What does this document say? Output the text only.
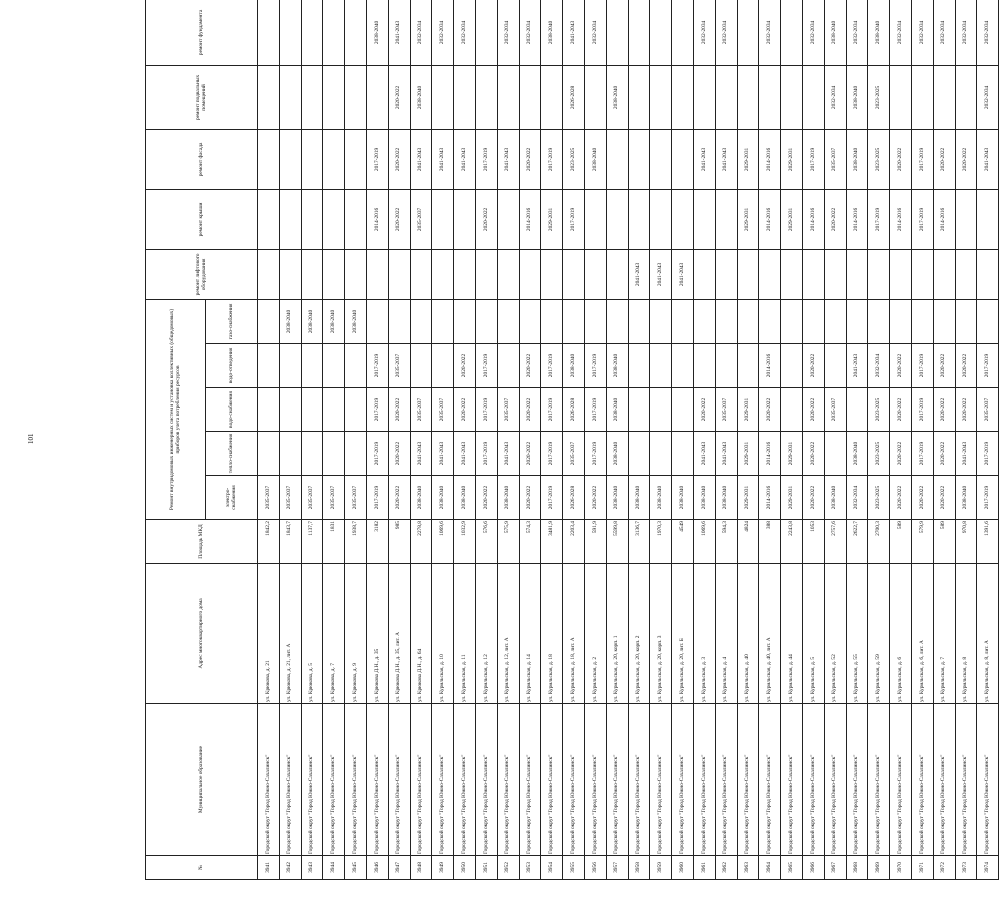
101
№	Муниципальное образование	Адрес многоквартирного дома	Площадь МКД	Ремонт внутридомовых инженерных систем и установка коллективных (общедомовых) приборов учета потребления ресурсов					ремонт лифтового оборудования	ремонт крыши	ремонт фасада	ремонт подвальных помещений	ремонт фундамента
				электро-снабжения	тепло-снабжения	водо-снабжения	водо-отведения	газо-снабжения					
3941	Городской округ "Город Южно-Сахалинск"	ул. Крюкова, д. 21	1842,2	2035-2037									
3942	Городской округ "Город Южно-Сахалинск"	ул. Крюкова, д. 21, лит. А	1843,7	2035-2037				2038-2040					
3943	Городской округ "Город Южно-Сахалинск"	ул. Крюкова, д. 5	1137,7	2035-2037				2038-2040					
3944	Городской округ "Город Южно-Сахалинск"	ул. Крюкова, д. 7	1831	2035-2037				2038-2040					
3945	Городской округ "Город Южно-Сахалинск"	ул. Крюкова, д. 9	1938,7	2035-2037				2038-2040					
3946	Городской округ "Город Южно-Сахалинск"	ул. Крюкова Д.Н., д. 35	3182	2017-2019	2017-2019	2017-2019	2017-2019			2014-2016	2017-2019		2038-2040
3947	Городской округ "Город Южно-Сахалинск"	ул. Крюкова Д.Н., д. 35, лит. А	985	2020-2022	2020-2022	2020-2022	2035-2037			2020-2022	2020-2022	2020-2022	2041-2043
3948	Городской округ "Город Южно-Сахалинск"	ул. Крюкова Д.Н., д. 64	2278,8	2038-2040	2041-2043	2035-2037				2035-2037	2041-2043	2038-2040	2032-2034
3949	Городской округ "Город Южно-Сахалинск"	ул. Курильская, д. 10	1069,6	2038-2040	2041-2043	2035-2037					2041-2043		2032-2034
3950	Городской округ "Город Южно-Сахалинск"	ул. Курильская, д. 11	1032,9	2038-2040	2041-2043	2020-2022	2020-2022				2041-2043		2032-2034
3951	Городской округ "Город Южно-Сахалинск"	ул. Курильская, д. 12	576,6	2020-2022	2017-2019	2017-2019	2017-2019			2020-2022	2017-2019		
3952	Городской округ "Город Южно-Сахалинск"	ул. Курильская, д. 12, лит. А	575,9	2038-2040	2041-2043	2035-2037					2041-2043		2032-2034
3953	Городской округ "Город Южно-Сахалинск"	ул. Курильская, д. 14	574,3	2020-2022	2020-2022	2020-2022	2020-2022			2014-2016	2020-2022		2032-2034
3954	Городской округ "Город Южно-Сахалинск"	ул. Курильская, д. 18	3481,9	2017-2019	2017-2019	2017-2019	2017-2019			2029-2031	2017-2019		2038-2040
3955	Городской округ "Город Южно-Сахалинск"	ул. Курильская, д. 18, лит. А	2203,4	2026-2028	2035-2037	2026-2028	2038-2040			2017-2019	2023-2025	2026-2028	2041-2043
3956	Городской округ "Город Южно-Сахалинск"	ул. Курильская, д. 2	591,9	2020-2022	2017-2019	2017-2019	2017-2019				2038-2040		2032-2034
3957	Городской округ "Город Южно-Сахалинск"	ул. Курильская, д. 20, корп. 1	5599,8	2038-2040	2038-2040	2038-2040	2038-2040					2038-2040	
3958	Городской округ "Город Южно-Сахалинск"	ул. Курильская, д. 20, корп. 2	3136,7	2038-2040					2041-2043				
3959	Городской округ "Город Южно-Сахалинск"	ул. Курильская, д. 20, корп. 3	1970,3	2038-2040					2041-2043				
3960	Городской округ "Город Южно-Сахалинск"	ул. Курильская, д. 20, лит. Б	4549	2038-2040					2041-2043				
3961	Городской округ "Город Южно-Сахалинск"	ул. Курильская, д. 3	1069,6	2038-2040	2041-2043	2020-2022					2041-2043		2032-2034
3962	Городской округ "Город Южно-Сахалинск"	ул. Курильская, д. 4	594,3	2038-2040	2041-2043	2035-2037					2041-2043		2032-2034
3963	Городской округ "Город Южно-Сахалинск"	ул. Курильская, д. 40	4824	2029-2031	2029-2031	2029-2031				2029-2031	2029-2031		
3964	Городской округ "Город Южно-Сахалинск"	ул. Курильская, д. 40, лит. А	388	2014-2016	2014-2016	2020-2022	2014-2016			2014-2016	2014-2016		2032-2034
3965	Городской округ "Город Южно-Сахалинск"	ул. Курильская, д. 44	2243,8	2029-2031	2029-2031					2029-2031	2029-2031		
3966	Городской округ "Город Южно-Сахалинск"	ул. Курильская, д. 5	1053	2020-2022	2020-2022	2020-2022	2020-2022			2014-2016	2017-2019		2032-2034
3967	Городской округ "Город Южно-Сахалинск"	ул. Курильская, д. 52	2757,6	2038-2040		2035-2037				2020-2022	2035-2037	2032-2034	2038-2040
3968	Городской округ "Город Южно-Сахалинск"	ул. Курильская, д. 55	2622,7	2032-2034	2038-2040		2041-2043			2014-2016	2038-2040	2038-2040	2032-2034
3969	Городской округ "Город Южно-Сахалинск"	ул. Курильская, д. 59	2700,3	2023-2025	2023-2025	2023-2025	2032-2034			2017-2019	2023-2025	2023-2025	2038-2040
3970	Городской округ "Город Южно-Сахалинск"	ул. Курильская, д. 6	589	2020-2022	2020-2022	2020-2022	2020-2022			2014-2016	2020-2022		2032-2034
3971	Городской округ "Город Южно-Сахалинск"	ул. Курильская, д. 6, лит. А	579,9	2020-2022	2017-2019	2017-2019	2017-2019			2017-2019	2017-2019		2032-2034
3972	Городской округ "Город Южно-Сахалинск"	ул. Курильская, д. 7	589	2020-2022	2020-2022	2020-2022	2020-2022			2014-2016	2020-2022		2032-2034
3973	Городской округ "Город Южно-Сахалинск"	ул. Курильская, д. 8	970,8	2038-2040	2041-2043	2020-2022	2020-2022				2020-2022		2032-2034
3974	Городской округ "Город Южно-Сахалинск"	ул. Курильская, д. 8, лит. А	1391,6	2017-2019	2017-2019	2035-2037	2017-2019				2041-2043	2032-2034	2032-2034
